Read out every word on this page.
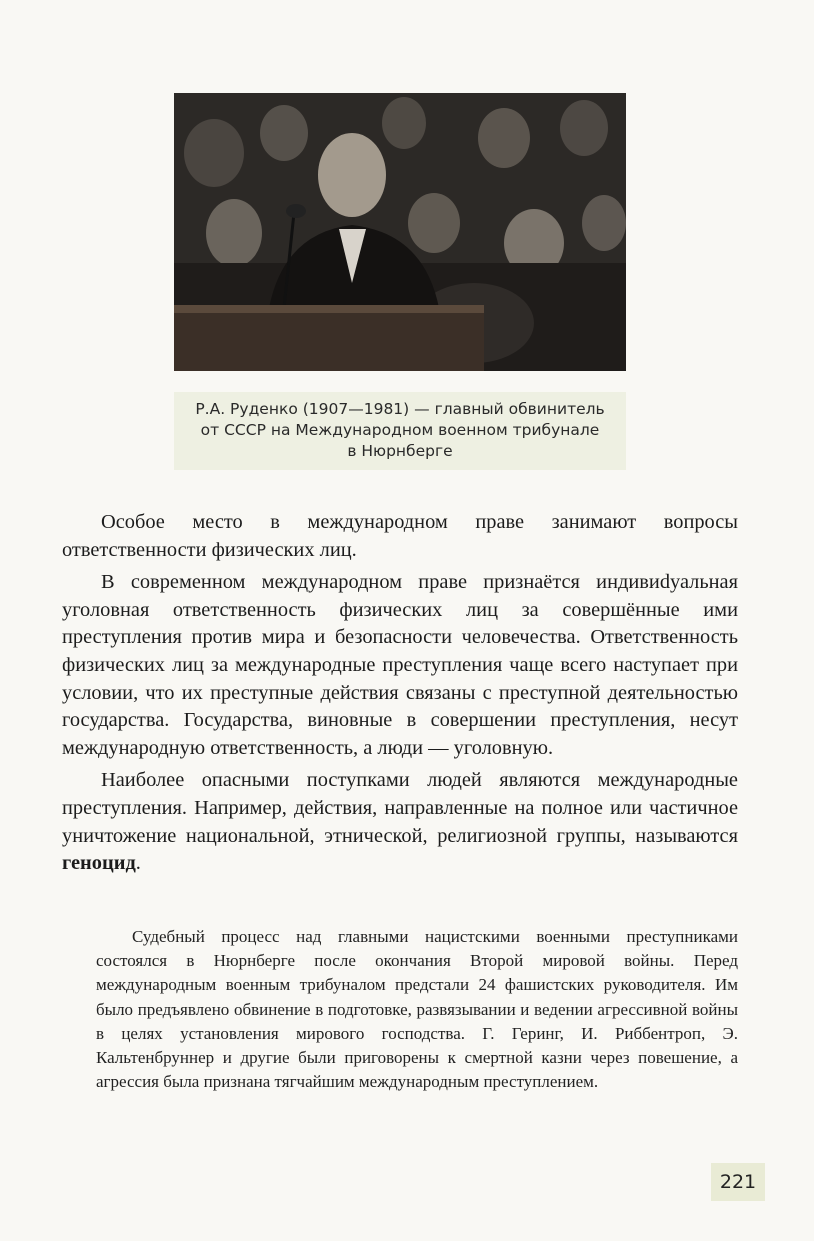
Р.А. Руденко (1907—1981) — главный обвинитель
от СССР на Международном военном трибунале
в Нюрнберге

Особое место в международном праве занимают вопросы ответственности физических лиц.

В современном международном праве признаётся индивиdуальная уголовная ответственность физических лиц за совершённые ими преступления против мира и безопасности человечества. Ответственность физических лиц за международные преступления чаще всего наступает при условии, что их преступные действия связаны с преступной деятельностью государства. Государства, виновные в совершении преступления, несут международную ответственность, а люди — уголовную.

Наиболее опасными поступками людей являются международные преступления. Например, действия, направленные на полное или частичное уничтожение национальной, этнической, религиозной группы, называются геноцид.

Судебный процесс над главными нацистскими военными преступниками состоялся в Нюрнберге после окончания Второй мировой войны. Перед международным военным трибуналом предстали 24 фашистских руководителя. Им было предъявлено обвинение в подготовке, развязывании и ведении агрессивной войны в целях установления мирового господства. Г. Геринг, И. Риббентроп, Э. Кальтенбруннер и другие были приговорены к смертной казни через повешение, а агрессия была признана тягчайшим международным преступлением.

221
